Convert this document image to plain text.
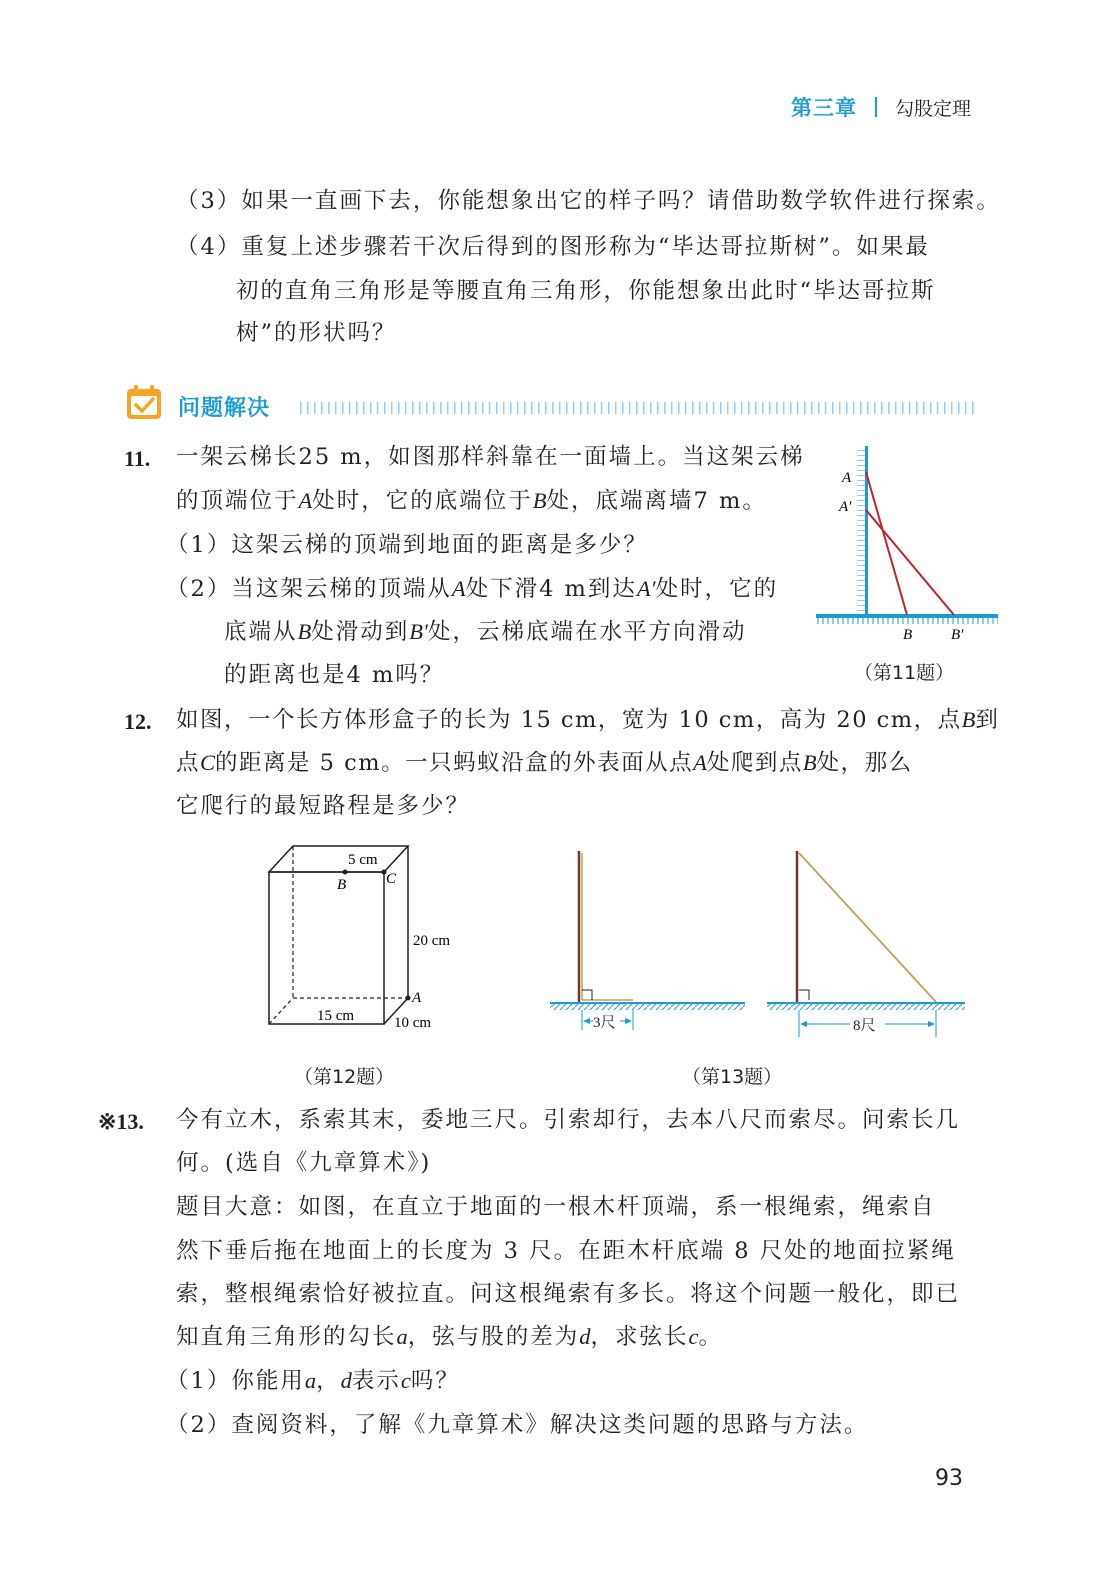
第三章 勾股定理
（3）如果一直画下去，你能想象出它的样子吗？请借助数学软件进行探索。
（4）重复上述步骤若干次后得到的图形称为“毕达哥拉斯树”。如果最
初的直角三角形是等腰直角三角形，你能想象出此时“毕达哥拉斯
树”的形状吗？
问题解决
11. 一架云梯长25 m，如图那样斜靠在一面墙上。当这架云梯
的顶端位于A处时，它的底端位于B处，底端离墙7 m。
（1）这架云梯的顶端到地面的距离是多少？
（2）当这架云梯的顶端从A处下滑4 m到达A′处时，它的
底端从B处滑动到B′处，云梯底端在水平方向滑动
的距离也是4 m吗？
A
A′
B	B′
（第11题）
12. 如图，一个长方体形盒子的长为 15 cm，宽为 10 cm，高为 20 cm，点B到
点C的距离是 5 cm。一只蚂蚁沿盒的外表面从点A处爬到点B处，那么
它爬行的最短路程是多少？
5 cm
B	C
20 cm
A
15 cm	10 cm
（第12题）
3尺	8尺
（第13题）
※13. 今有立木，系索其末，委地三尺。引索却行，去本八尺而索尽。问索长几
何。(选自《九章算术》)
题目大意：如图，在直立于地面的一根木杆顶端，系一根绳索，绳索自
然下垂后拖在地面上的长度为 3 尺。在距木杆底端 8 尺处的地面拉紧绳
索，整根绳索恰好被拉直。问这根绳索有多长。将这个问题一般化，即已
知直角三角形的勾长a，弦与股的差为d，求弦长c。
（1）你能用a，d表示c吗？
（2）查阅资料，了解《九章算术》解决这类问题的思路与方法。
93
